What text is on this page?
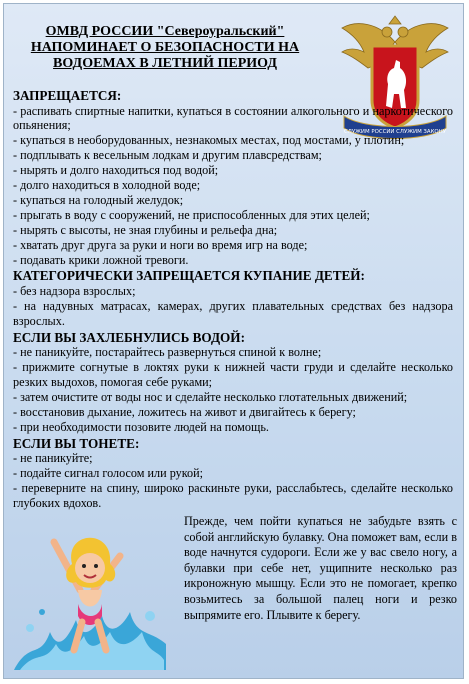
ОМВД РОССИИ "Североуральский"
НАПОМИНАЕТ О БЕЗОПАСНОСТИ НА
ВОДОЕМАХ В ЛЕТНИЙ ПЕРИОД
СЛУЖИМ РОССИИ СЛУЖИМ ЗАКОНУ
ЗАПРЕЩАЕТСЯ:
- распивать спиртные напитки, купаться в состоянии алкогольного и наркотического опьянения;
- купаться в необорудованных, незнакомых местах, под мостами, у плотин;
- подплывать к весельным лодкам и другим плавсредствам;
- нырять и долго находиться под водой;
- долго находиться в холодной воде;
- купаться на голодный желудок;
- прыгать в воду с сооружений, не приспособленных для этих целей;
- нырять с высоты, не зная глубины и рельефа дна;
- хватать друг друга за руки и ноги во время игр на воде;
- подавать крики ложной тревоги.
КАТЕГОРИЧЕСКИ ЗАПРЕЩАЕТСЯ КУПАНИЕ ДЕТЕЙ:
- без надзора взрослых;
- на надувных матрасах, камерах, других плавательных средствах без надзора взрослых.
ЕСЛИ ВЫ ЗАХЛЕБНУЛИСЬ ВОДОЙ:
- не паникуйте, постарайтесь развернуться спиной к волне;
- прижмите согнутые в локтях руки к нижней части груди и сделайте несколько резких выдохов, помогая себе руками;
- затем очистите от воды нос и сделайте несколько глотательных движений;
- восстановив дыхание, ложитесь на живот и двигайтесь к берегу;
- при необходимости позовите людей на помощь.
ЕСЛИ ВЫ ТОНЕТЕ:
- не паникуйте;
- подайте сигнал голосом или рукой;
- переверните на спину, широко раскиньте руки, расслабьтесь, сделайте несколько глубоких вдохов.
Прежде, чем пойти купаться не забудьте взять с собой английскую булавку. Она поможет вам, если в воде начнутся судороги. Если же у вас свело ногу, а булавки при себе нет, ущипните несколько раз икроножную мышцу. Если это не помогает, крепко возьмитесь за большой палец ноги и резко выпрямите его. Плывите к берегу.
